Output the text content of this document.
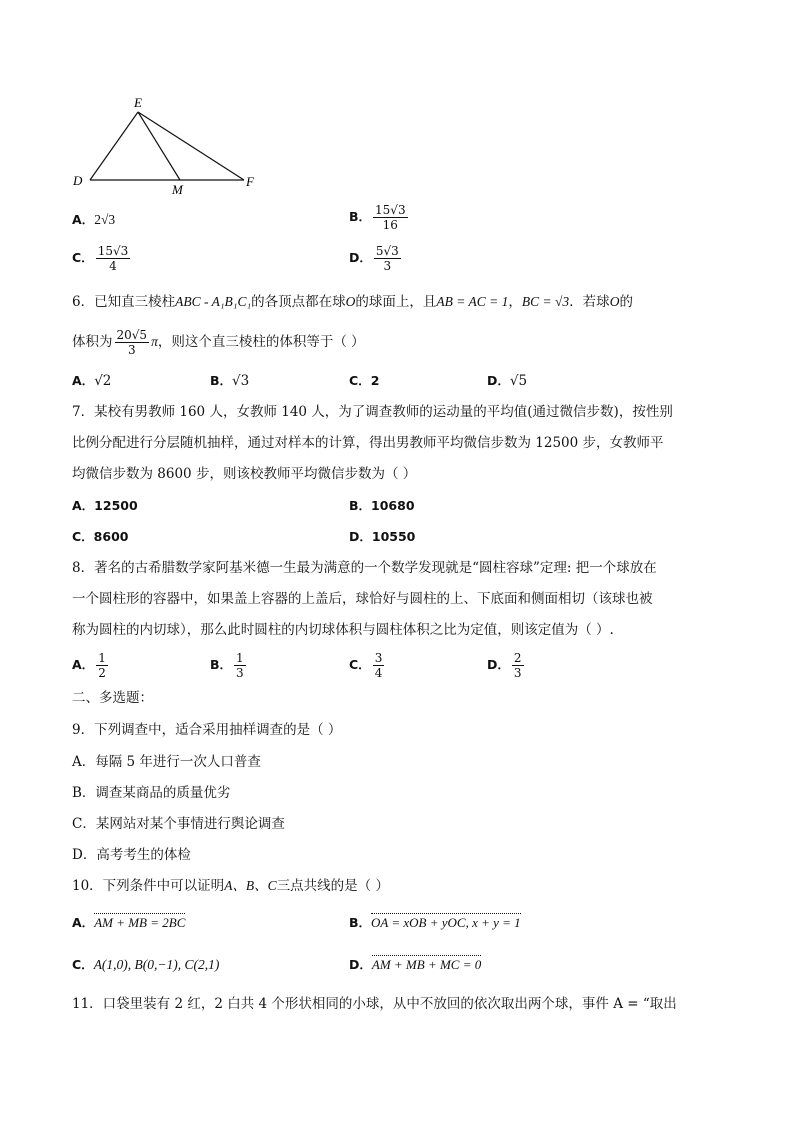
E
D
M
F
A．2√3	B． $\frac{15√3}{16}$
C． $\frac{15√3}{4}$	D． $\frac{5√3}{3}$
6．已知直三棱柱ABC - A₁B₁C₁的各顶点都在球O的球面上，且AB = AC = 1，BC = √3．若球O的
体积为 $\frac{20√5}{3}$ π，则这个直三棱柱的体积等于（ ）
A．√2	B．√3	C．2	D．√5
7．某校有男教师 160 人，女教师 140 人，为了调查教师的运动量的平均值(通过微信步数)，按性别
比例分配进行分层随机抽样，通过对样本的计算，得出男教师平均微信步数为 12500 步，女教师平
均微信步数为 8600 步，则该校教师平均微信步数为（ ）
A．12500	B．10680
C．8600	D．10550
8．著名的古希腊数学家阿基米德一生最为满意的一个数学发现就是“圆柱容球”定理: 把一个球放在
一个圆柱形的容器中，如果盖上容器的上盖后，球恰好与圆柱的上、下底面和侧面相切（该球也被
称为圆柱的内切球），那么此时圆柱的内切球体积与圆柱体积之比为定值，则该定值为（ ）.
A． $\frac{1}{2}$	B． $\frac{1}{3}$	C． $\frac{3}{4}$	D． $\frac{2}{3}$
二、多选题：
9．下列调查中，适合采用抽样调查的是（ ）
A．每隔 5 年进行一次人口普查
B．调查某商品的质量优劣
C．某网站对某个事情进行舆论调查
D．高考考生的体检
10．下列条件中可以证明A、B、C三点共线的是（ ）
A．AM + MB = 2BC	B．OA = xOB + yOC, x + y = 1
C．A(1,0), B(0,−1), C(2,1)	D．AM + MB + MC = 0
11．口袋里装有 2 红，2 白共 4 个形状相同的小球，从中不放回的依次取出两个球，事件 A = “取出
